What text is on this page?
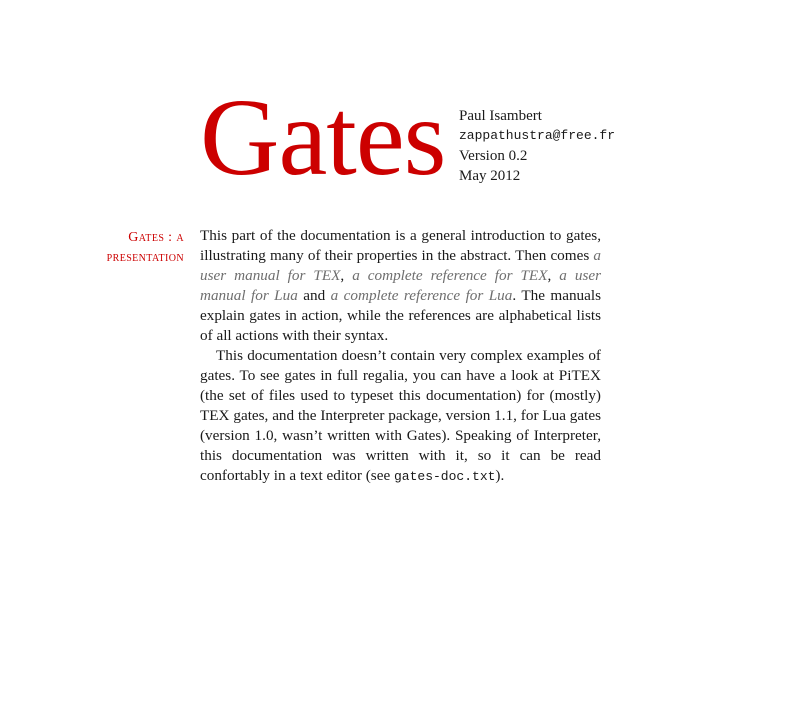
Gates Paul Isambert
zappathustra@free.fr
Version 0.2
May 2012
Gates : a
presentation

This part of the documentation is a general introduction to gates, illustrating many of their properties in the abstract. Then comes a user manual for TEX, a complete reference for TEX, a user manual for Lua and a complete reference for Lua. The manuals explain gates in action, while the references are alphabetical lists of all actions with their syntax.

This documentation doesn’t contain very complex examples of gates. To see gates in full regalia, you can have a look at PiTEX (the set of files used to typeset this documentation) for (mostly) TEX gates, and the Interpreter package, version 1.1, for Lua gates (version 1.0, wasn’t written with Gates). Speaking of Interpreter, this documentation was written with it, so it can be read confortably in a text editor (see gates-doc.txt).
